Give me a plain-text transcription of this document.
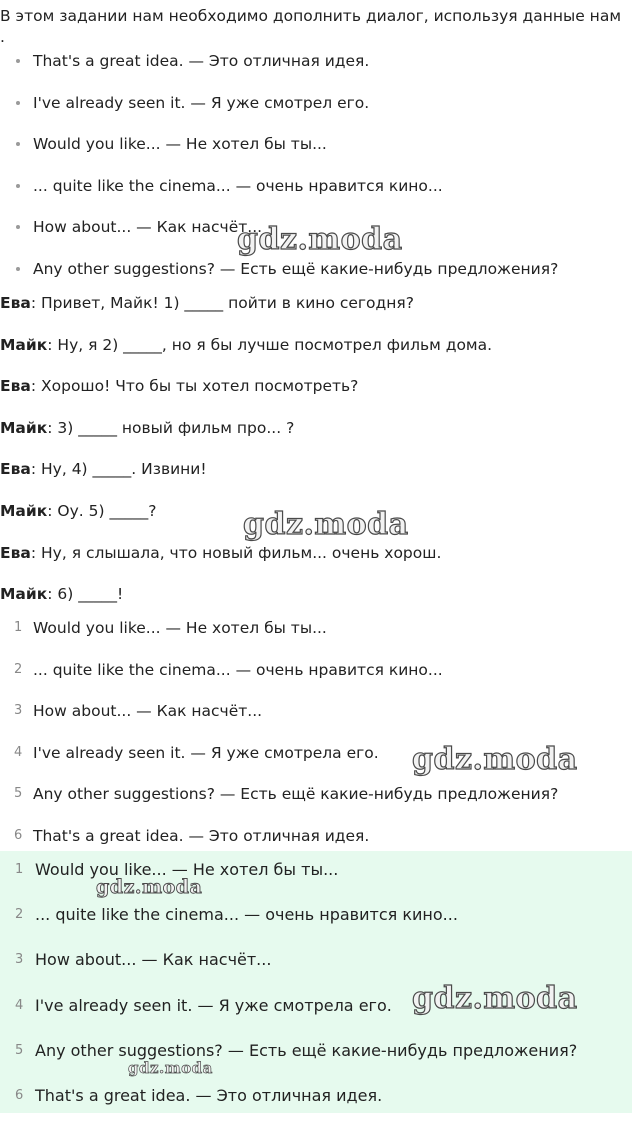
В этом задании нам необходимо дополнить диалог, используя данные нам .

That's a great idea. — Это отличная идея.
I've already seen it. — Я уже смотрел его.
Would you like... — Не хотел бы ты...
... quite like the cinema... — очень нравится кино...
How about... — Как насчёт...
Any other suggestions? — Есть ещё какие-нибудь предложения?

Ева: Привет, Майк! 1) _____ пойти в кино сегодня?

Майк: Ну, я 2) _____, но я бы лучше посмотрел фильм дома.

Ева: Хорошо! Что бы ты хотел посмотреть?

Майк: 3) _____ новый фильм про... ?

Ева: Ну, 4) _____. Извини!

Майк: Оу. 5) _____?

Ева: Ну, я слышала, что новый фильм... очень хорош.

Майк: 6) _____!

1 Would you like... — Не хотел бы ты...
2 ... quite like the cinema... — очень нравится кино...
3 How about... — Как насчёт...
4 I've already seen it. — Я уже смотрела его.
5 Any other suggestions? — Есть ещё какие-нибудь предложения?
6 That's a great idea. — Это отличная идея.
1 Would you like... — Не хотел бы ты...
2 ... quite like the cinema... — очень нравится кино...
3 How about... — Как насчёт...
4 I've already seen it. — Я уже смотрела его.
5 Any other suggestions? — Есть ещё какие-нибудь предложения?
6 That's a great idea. — Это отличная идея.
gdz.moda
gdz.moda
gdz.moda
gdz.moda
gdz.moda
gdz.moda
